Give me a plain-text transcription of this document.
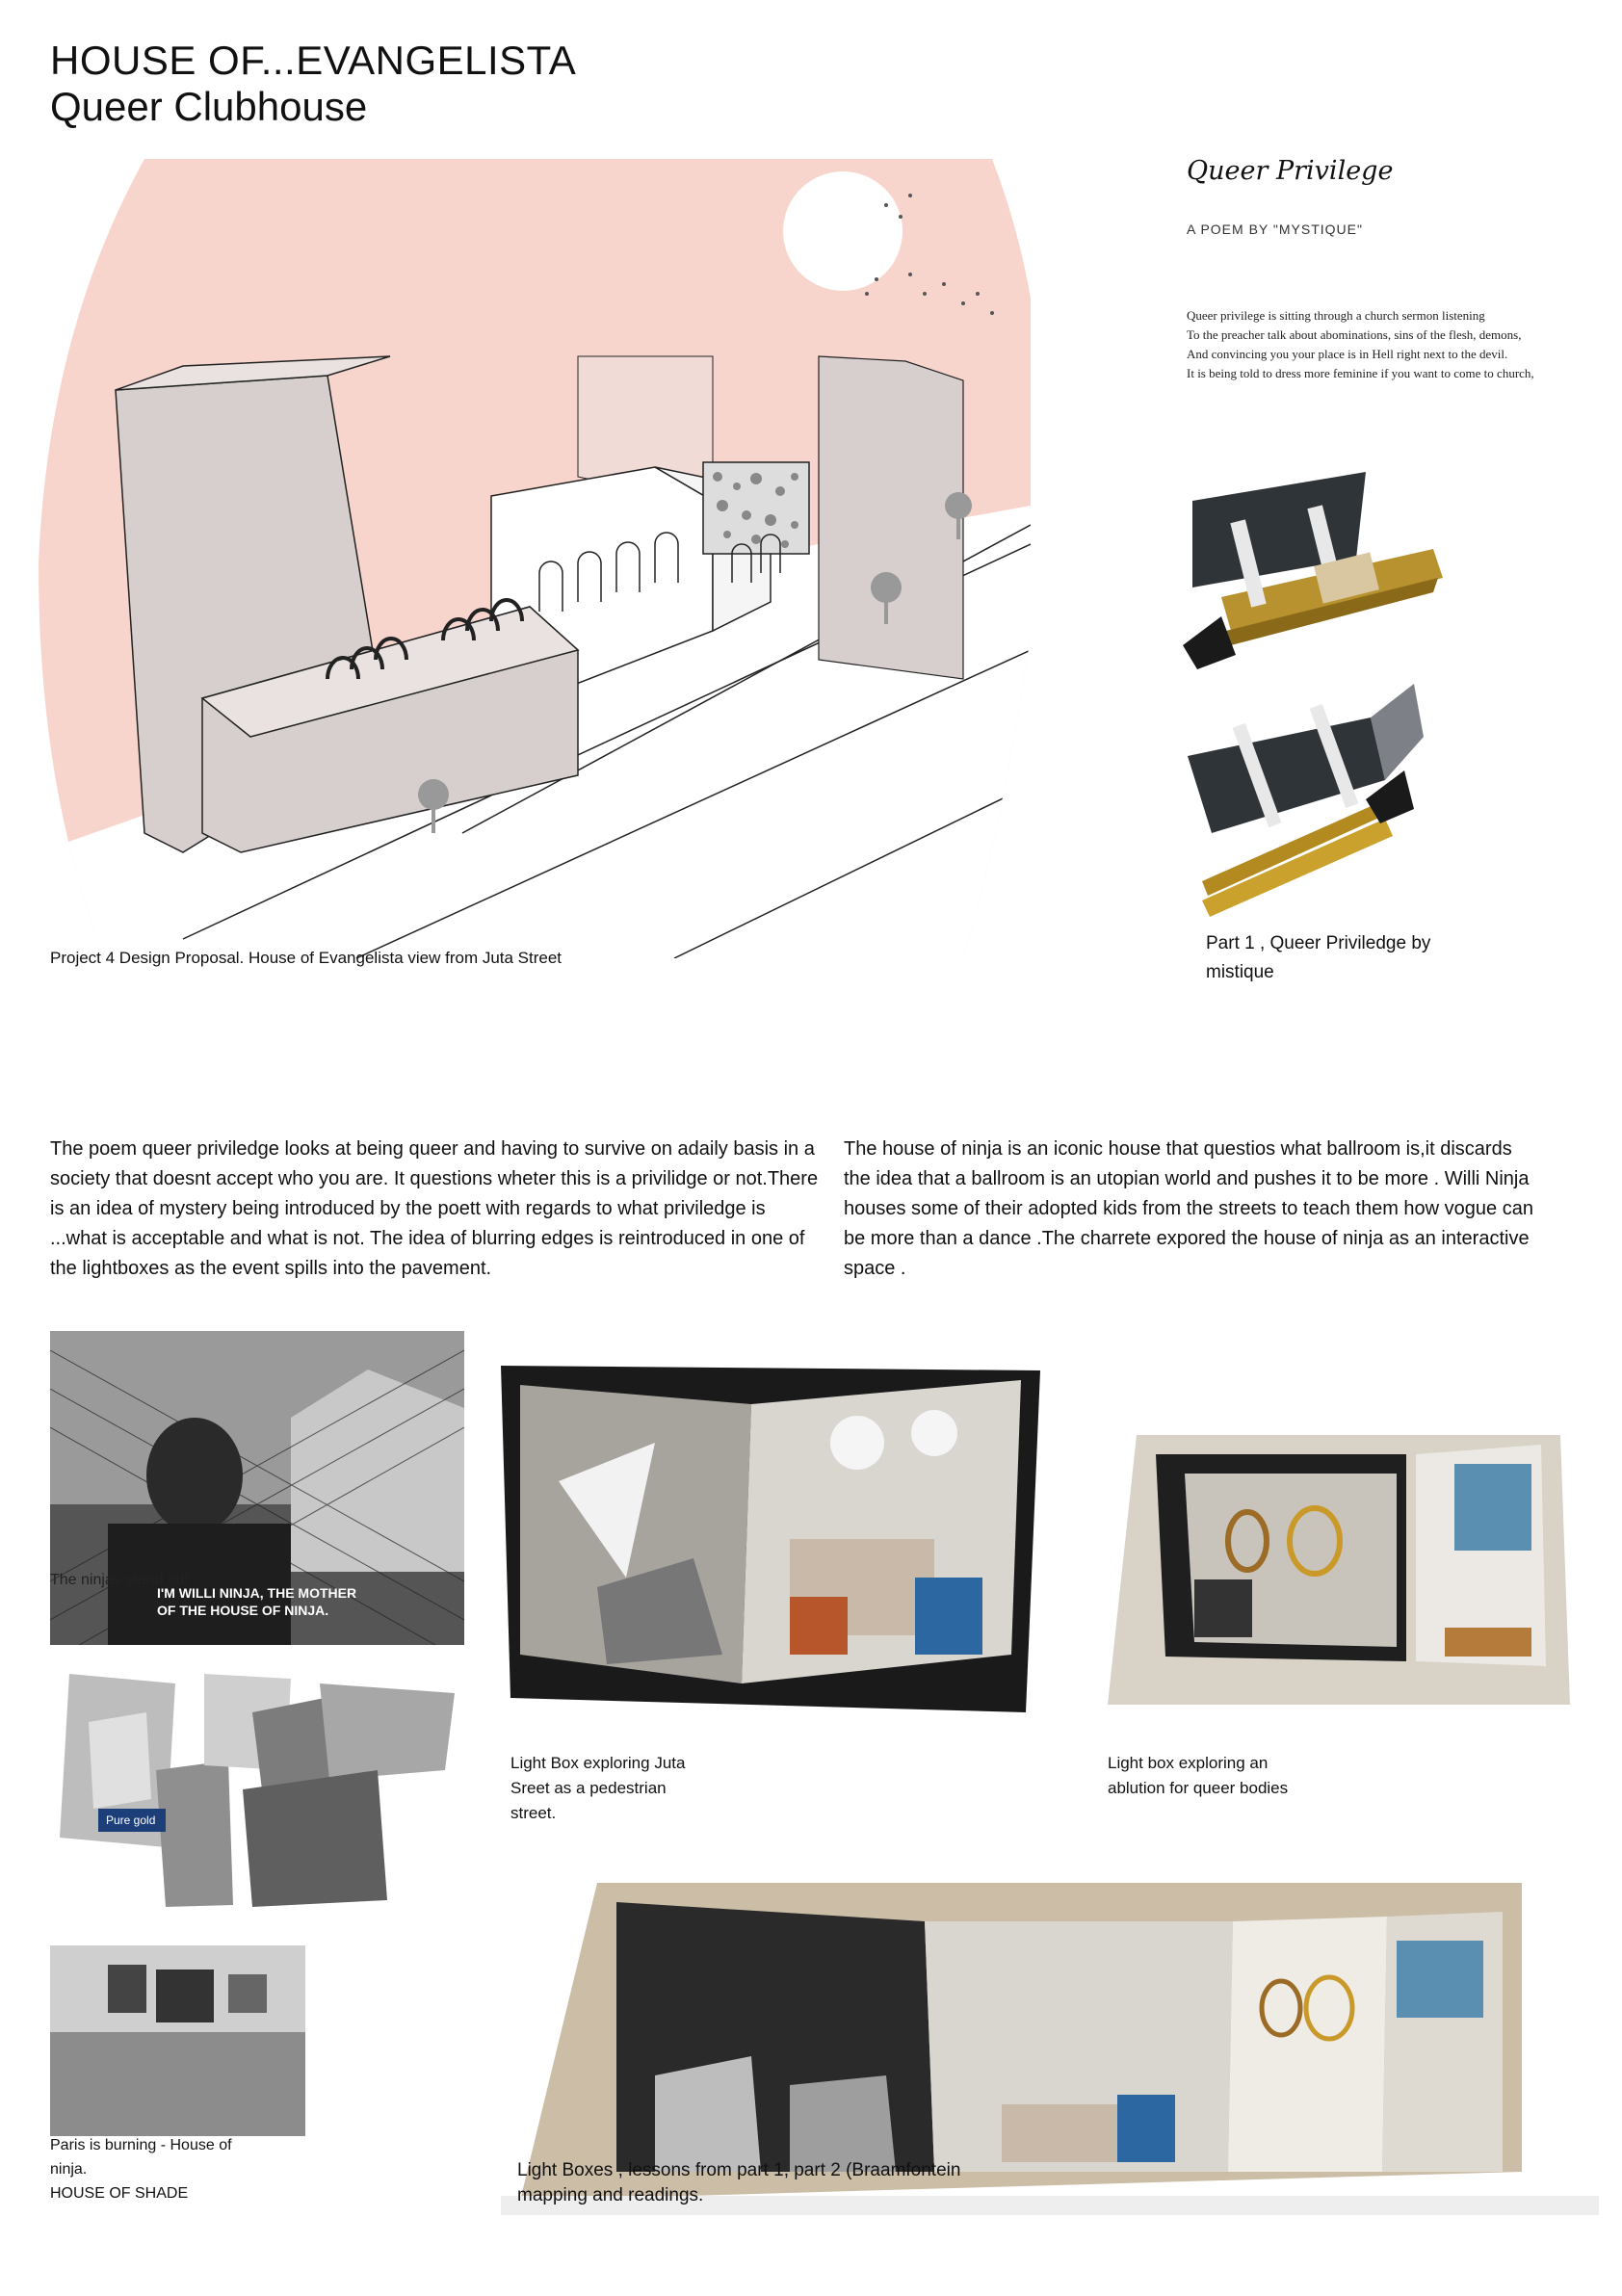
HOUSE OF...EVANGELISTA
Queer Clubhouse
Project 4 Design Proposal. House of Evangelista view from Juta Street
Queer Privilege
A POEM BY "MYSTIQUE"
Queer privilege is sitting through a church sermon listening
To the preacher talk about abominations, sins of the flesh, demons,
And convincing you your place is in Hell right next to the devil.
It is being told to dress more feminine if you want to come to church,
Part 1 , Queer Priviledge by
mistique
The poem queer priviledge looks at being queer and having to survive on adaily basis in a society that doesnt accept who you are. It questions wheter this is a privilidge or not.There is an idea of mystery being introduced by the poett with regards to what priviledge is ...what is acceptable and what is not. The idea of blurring edges is reintroduced in one of the lightboxes as the event spills into the pavement.
The house of ninja is an iconic house that questios what ballroom is,it discards the idea that a ballroom is an utopian world and pushes it to be more . Willi Ninja houses some of their adopted kids from the streets to teach them how vogue can be more than a dance .The charrete expored the house of ninja as an interactive space .
The ninjas stand out
I'M WILLI NINJA, THE MOTHER
OF THE HOUSE OF NINJA.
Pure gold
Paris is burning - House of
ninja.
HOUSE OF SHADE
Light Box exploring Juta
Sreet as a pedestrian
street.
Light box exploring an
ablution for queer bodies
Light Boxes , lessons from part 1, part 2 (Braamfontein
mapping and readings.
